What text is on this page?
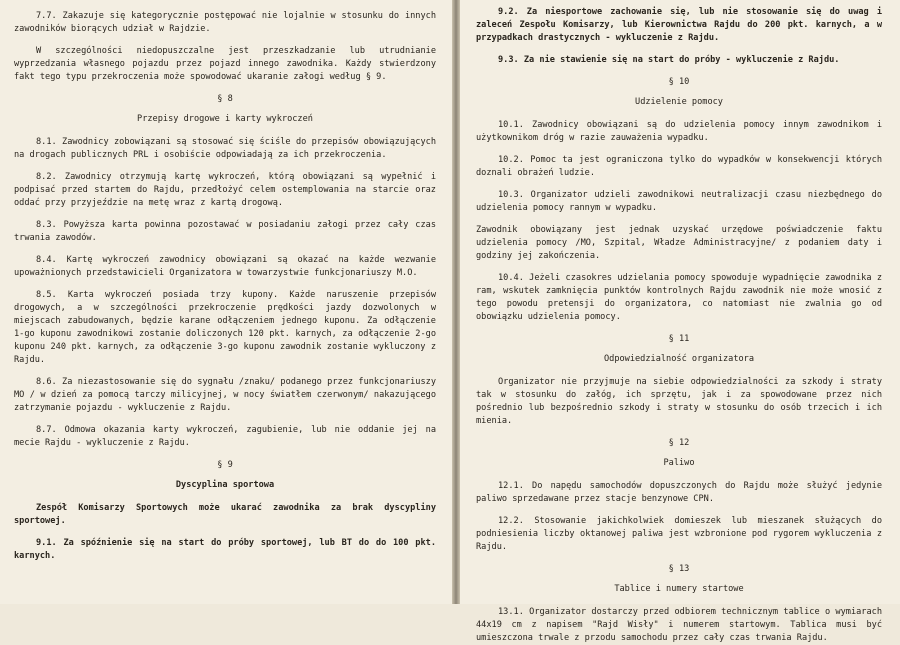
7.7. Zakazuje się kategorycznie postępować nie lojalnie w stosunku do innych zawodników biorących udział w Rajdzie.

W szczególności niedopuszczalne jest przeszkadzanie lub utrudnianie wyprzedzania własnego pojazdu przez pojazd innego zawodnika. Każdy stwierdzony fakt tego typu przekroczenia może spowodować ukaranie załogi według § 9.

§ 8
Przepisy drogowe i karty wykroczeń

8.1. Zawodnicy zobowiązani są stosować się ściśle do przepisów obowiązujących na drogach publicznych PRL i osobiście odpowiadają za ich przekroczenia.

8.2. Zawodnicy otrzymują kartę wykroczeń, którą obowiązani są wypełnić i podpisać przed startem do Rajdu, przedłożyć celem ostemplowania na starcie oraz oddać przy przyjeździe na metę wraz z kartą drogową.

8.3. Powyższa karta powinna pozostawać w posiadaniu załogi przez cały czas trwania zawodów.

8.4. Kartę wykroczeń zawodnicy obowiązani są okazać na każde wezwanie upoważnionych przedstawicieli Organizatora w towarzystwie funkcjonariuszy M.O.

8.5. Karta wykroczeń posiada trzy kupony. Każde naruszenie przepisów drogowych, a w szczególności przekroczenie prędkości jazdy dozwolonych w miejscach zabudowanych, będzie karane odłączeniem jednego kuponu. Za odłączenie 1-go kuponu zawodnikowi zostanie doliczonych 120 pkt. karnych, za odłączenie 2-go kuponu 240 pkt. karnych, za odłączenie 3-go kuponu zawodnik zostanie wykluczony z Rajdu.

8.6. Za niezastosowanie się do sygnału /znaku/ podanego przez funkcjonariuszy MO / w dzień za pomocą tarczy milicyjnej, w nocy światłem czerwonym/ nakazującego zatrzymanie pojazdu - wykluczenie z Rajdu.

8.7. Odmowa okazania karty wykroczeń, zagubienie, lub nie oddanie jej na mecie Rajdu - wykluczenie z Rajdu.

§ 9
Dyscyplina sportowa

Zespół Komisarzy Sportowych może ukarać zawodnika za brak dyscypliny sportowej.

9.1. Za spóźnienie się na start do próby sportowej, lub BT do do 100 pkt. karnych.

9.2. Za niesportowe zachowanie się, lub nie stosowanie się do uwag i zaleceń Zespołu Komisarzy, lub Kierownictwa Rajdu do 200 pkt. karnych, a w przypadkach drastycznych - wykluczenie z Rajdu.

9.3. Za nie stawienie się na start do próby - wykluczenie z Rajdu.

§ 10
Udzielenie pomocy

10.1. Zawodnicy obowiązani są do udzielenia pomocy innym zawodnikom i użytkownikom dróg w razie zauważenia wypadku.

10.2. Pomoc ta jest ograniczona tylko do wypadków w konsekwencji których doznali obrażeń ludzie.

10.3. Organizator udzieli zawodnikowi neutralizacji czasu niezbędnego do udzielenia pomocy rannym w wypadku.

Zawodnik obowiązany jest jednak uzyskać urzędowe poświadczenie faktu udzielenia pomocy /MO, Szpital, Władze Administracyjne/ z podaniem daty i godziny jej zakończenia.

10.4. Jeżeli czasokres udzielania pomocy spowoduje wypadnięcie zawodnika z ram, wskutek zamknięcia punktów kontrolnych Rajdu zawodnik nie może wnosić z tego powodu pretensji do organizatora, co natomiast nie zwalnia go od obowiązku udzielenia pomocy.

§ 11
Odpowiedzialność organizatora

Organizator nie przyjmuje na siebie odpowiedzialności za szkody i straty tak w stosunku do załóg, ich sprzętu, jak i za spowodowane przez nich pośrednio lub bezpośrednio szkody i straty w stosunku do osób trzecich i ich mienia.

§ 12
Paliwo

12.1. Do napędu samochodów dopuszczonych do Rajdu może służyć jedynie paliwo sprzedawane przez stacje benzynowe CPN.

12.2. Stosowanie jakichkolwiek domieszek lub mieszanek służących do podniesienia liczby oktanowej paliwa jest wzbronione pod rygorem wykluczenia z Rajdu.

§ 13
Tablice i numery startowe

13.1. Organizator dostarczy przed odbiorem technicznym tablice o wymiarach 44x19 cm z napisem "Rajd Wisły" i numerem startowym. Tablica musi być umieszczona trwale z przodu samochodu przez cały czas trwania Rajdu.
